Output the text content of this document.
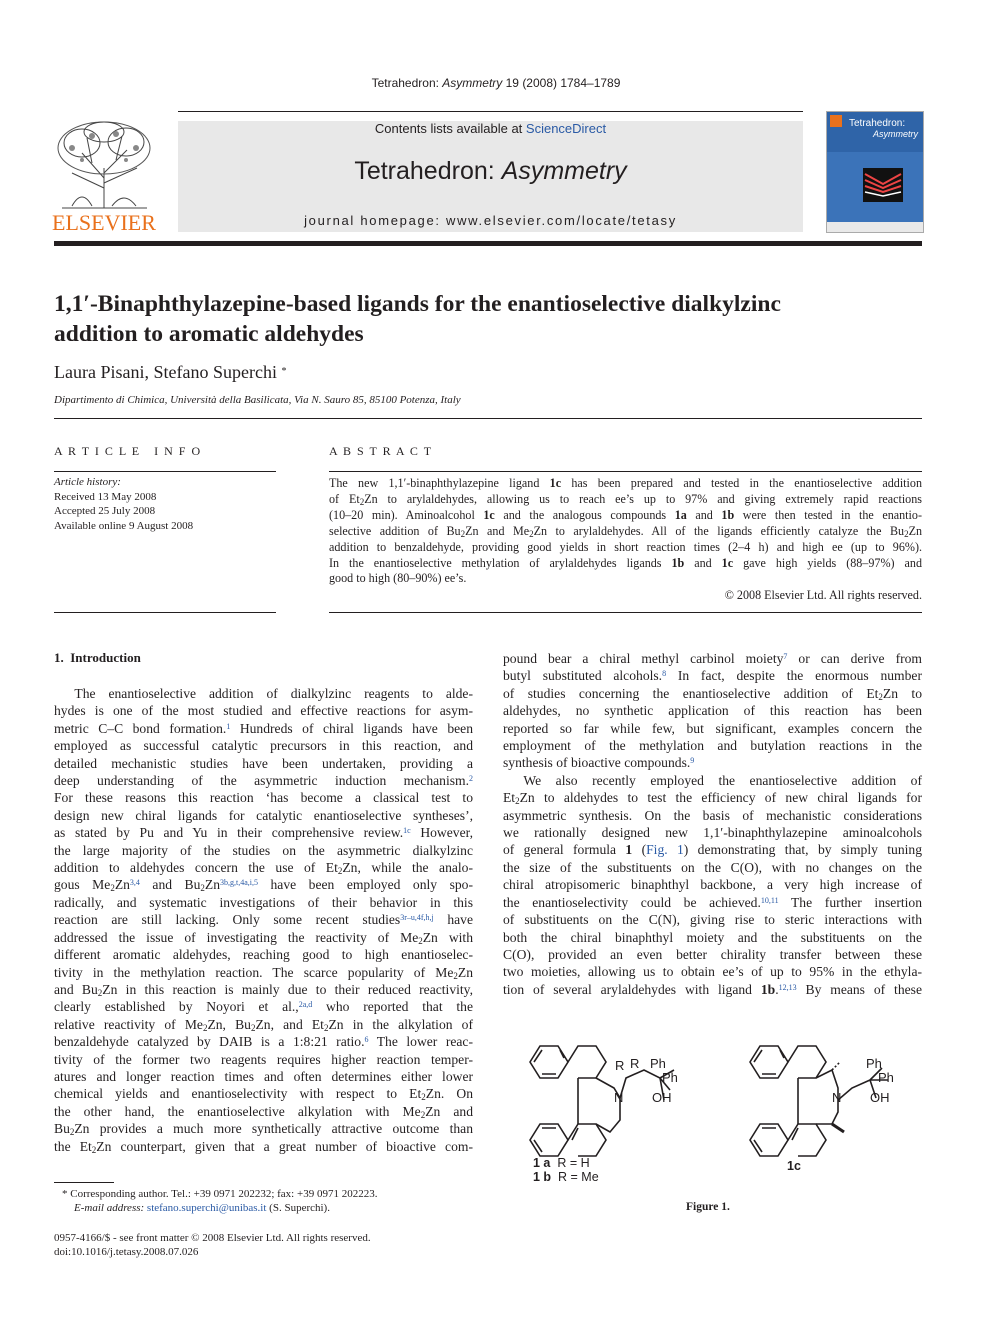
Tetrahedron: Asymmetry 19 (2008) 1784–1789
ELSEVIER
Contents lists available at ScienceDirect
Tetrahedron: Asymmetry
journal homepage: www.elsevier.com/locate/tetasy
Tetrahedron:
Asymmetry
1,1′-Binaphthylazepine-based ligands for the enantioselective dialkylzinc
addition to aromatic aldehydes
Laura Pisani, Stefano Superchi *
Dipartimento di Chimica, Università della Basilicata, Via N. Sauro 85, 85100 Potenza, Italy
A R T I C L E   I N F O
Article history:
Received 13 May 2008
Accepted 25 July 2008
Available online 9 August 2008
A B S T R A C T
The new 1,1′-binaphthylazepine ligand 1c has been prepared and tested in the enantioselective addition
of $Et_2Zn$ to arylaldehydes, allowing us to reach ee’s up to 97% and giving extremely rapid reactions
(10–20 min). Aminoalcohol 1c and the analogous compounds 1a and 1b were then tested in the enantio-
selective addition of $Bu_2Zn$ and $Me_2Zn$ to arylaldehydes. All of the ligands efficiently catalyze the $Bu_2Zn$
addition to benzaldehyde, providing good yields in short reaction times (2–4 h) and high ee (up to 96%).
In the enantioselective methylation of arylaldehydes ligands 1b and 1c gave high yields (88–97%) and
good to high (80–90%) ee’s.
© 2008 Elsevier Ltd. All rights reserved.
1.  Introduction
  The enantioselective addition of dialkylzinc reagents to alde-
hydes is one of the most studied and effective reactions for asym-
metric C–C bond formation.$^1$ Hundreds of chiral ligands have been
employed as successful catalytic precursors in this reaction, and
detailed mechanistic studies have been undertaken, providing a
deep understanding of the asymmetric induction mechanism.$^2$
For these reasons this reaction ‘has become a classical test to
design new chiral ligands for catalytic enantioselective syntheses’,
as stated by Pu and Yu in their comprehensive review.$^{1c}$ However,
the large majority of the studies on the asymmetric dialkylzinc
addition to aldehydes concern the use of $Et_2Zn$, while the analo-
gous $Me_2Zn^{3,4}$ and $Bu_2Zn^{3b,g,t,4a,i,5}$ have been employed only spo-
radically, and systematic investigations of their behavior in this
reaction are still lacking. Only some recent studies$^{3r-u,4f,h,j}$ have
addressed the issue of investigating the reactivity of $Me_2Zn$ with
different aromatic aldehydes, reaching good to high enantioselec-
tivity in the methylation reaction. The scarce popularity of $Me_2Zn$
and $Bu_2Zn$ in this reaction is mainly due to their reduced reactivity,
clearly established by Noyori et al.,$^{2a,d}$ who reported that the
relative reactivity of $Me_2Zn$, $Bu_2Zn$, and $Et_2Zn$ in the alkylation of
benzaldehyde catalyzed by DAIB is a 1:8:21 ratio.$^6$ The lower reac-
tivity of the former two reagents requires higher reaction temper-
atures and longer reaction times and often determines either lower
chemical yields and enantioselectivity with respect to $Et_2Zn$. On
the other hand, the enantioselective alkylation with $Me_2Zn$ and
$Bu_2Zn$ provides a much more synthetically attractive outcome than
the $Et_2Zn$ counterpart, given that a great number of bioactive com-
pound bear a chiral methyl carbinol moiety$^7$ or can derive from
butyl substituted alcohols.$^8$ In fact, despite the enormous number
of studies concerning the enantioselective addition of $Et_2Zn$ to
aldehydes, no synthetic application of this reaction has been
reported so far while few, but significant, examples concern the
employment of the methylation and butylation reactions in the
synthesis of bioactive compounds.$^9$
  We also recently employed the enantioselective addition of
$Et_2Zn$ to aldehydes to test the efficiency of new chiral ligands for
asymmetric synthesis. On the basis of mechanistic considerations
we rationally designed new 1,1′-binaphthylazepine aminoalcohols
of general formula 1 (Fig. 1) demonstrating that, by simply tuning
the size of the substituents on the C(O), with no changes on the
chiral atropisomeric binaphthyl backbone, a very high increase of
the enantioselectivity could be achieved.$^{10,11}$ The further insertion
of substituents on the C(N), giving rise to steric interactions with
both the chiral binaphthyl moiety and the substituents on the
C(O), provided an even better chirality transfer between these
two moieties, allowing us to obtain ee’s of up to 95% in the ethyla-
tion of several arylaldehydes with ligand 1b.$^{12,13}$ By means of these
R R Ph
Ph
OH
N
Ph
Ph
OH
N
1 a R = H
1 b R = Me
1c
Figure 1.
* Corresponding author. Tel.: +39 0971 202232; fax: +39 0971 202223.
E-mail address: stefano.superchi@unibas.it (S. Superchi).
0957-4166/$ - see front matter © 2008 Elsevier Ltd. All rights reserved.
doi:10.1016/j.tetasy.2008.07.026
